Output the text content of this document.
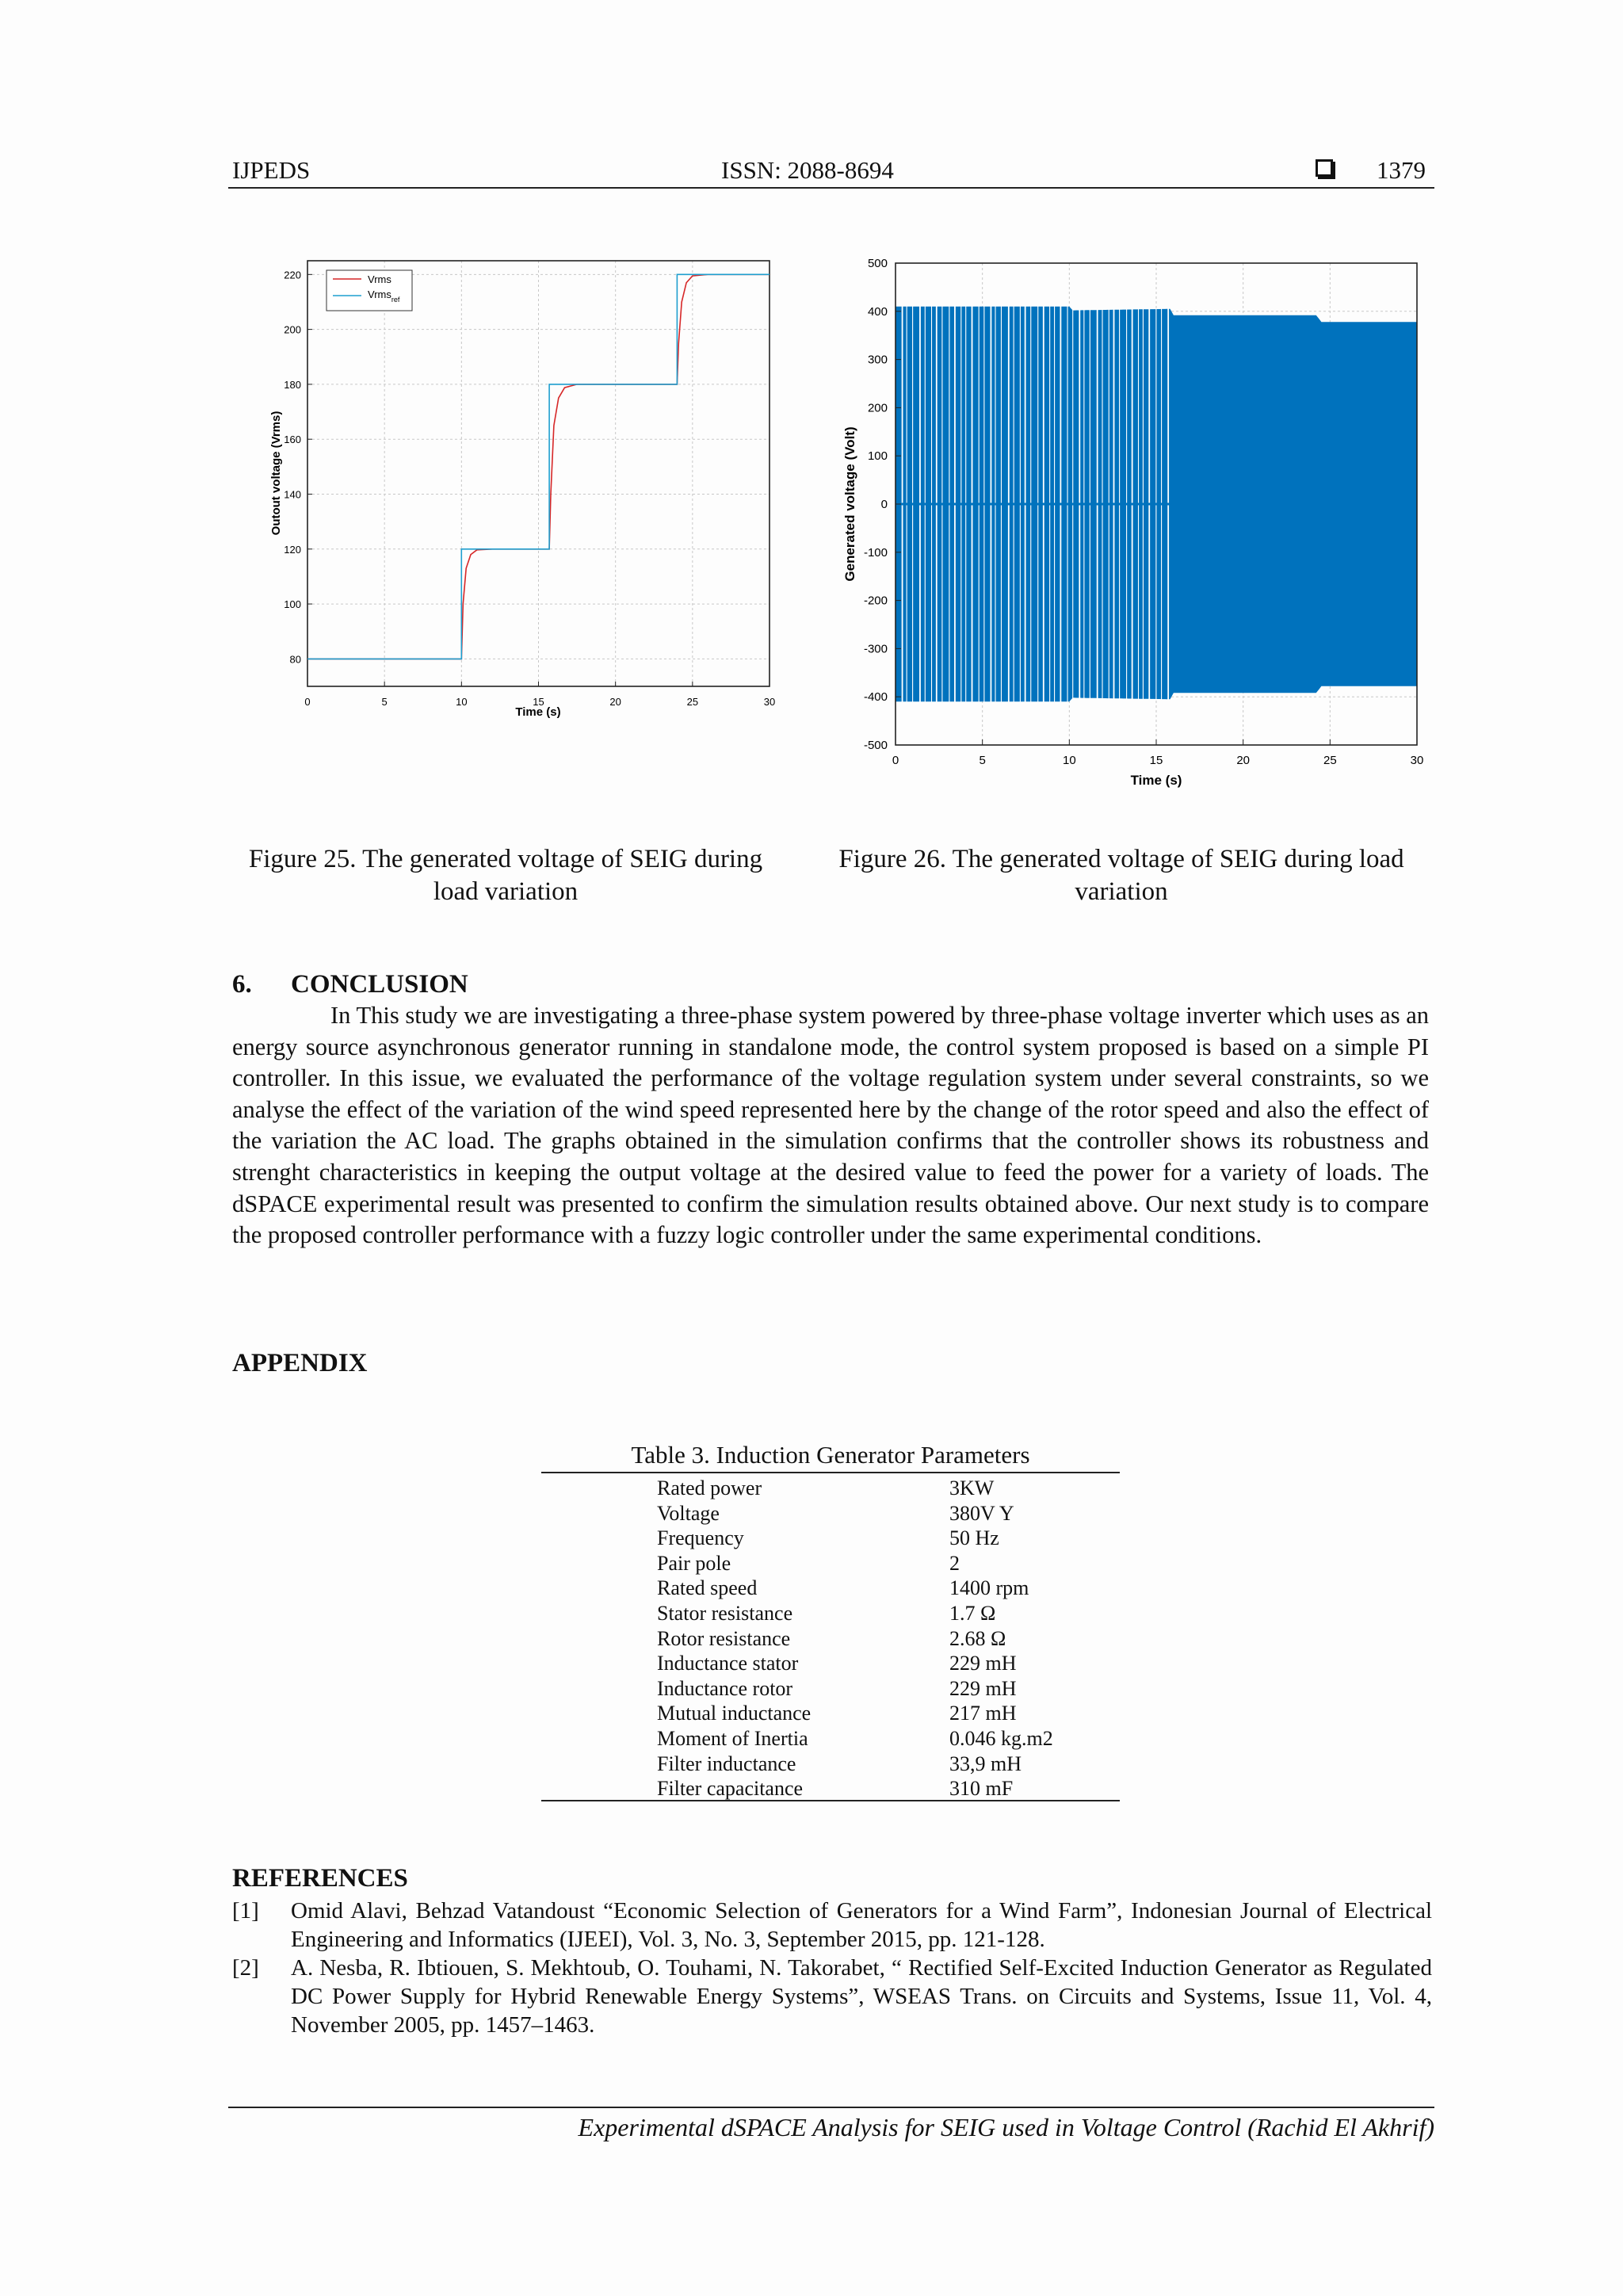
IJPEDS	ISSN: 2088-8694	1379
0	5	10	15	20	25	30
80
100
120
140
160
180
200
220	Vrms
Vrms$_{ref}$
Time (s)
Outout voltage (Vrms)
0	5	10	15	20	25	30
-500
-400
-300
-200
-100
0
100
200
300
400
500
Time (s)
Generated voltage (Volt)
Figure 25. The generated voltage of SEIG during
load variation
Figure 26. The generated voltage of SEIG during load
variation
6. CONCLUSION
In This study we are investigating a three-phase system powered by three-phase voltage inverter which uses as an energy source asynchronous generator running in standalone mode, the control system proposed is based on a simple PI controller. In this issue, we evaluated the performance of the voltage regulation system under several constraints, so we analyse the effect of the variation of the wind speed represented here by the change of the rotor speed and also the effect of the variation the AC load. The graphs obtained in the simulation confirms that the controller shows its robustness and strenght characteristics in keeping the output voltage at the desired value to feed the power for a variety of loads. The dSPACE experimental result was presented to confirm the simulation results obtained above. Our next study is to compare the proposed controller performance with a fuzzy logic controller under the same experimental conditions.
APPENDIX
Table 3. Induction Generator Parameters
Rated power	3KW
Voltage	380V Y
Frequency	50 Hz
Pair pole	2
Rated speed	1400 rpm
Stator resistance	1.7 Ω
Rotor resistance	2.68 Ω
Inductance stator	229 mH
Inductance rotor	229 mH
Mutual inductance	217 mH
Moment of Inertia	0.046 kg.m2
Filter inductance	33,9 mH
Filter capacitance	310 mF
REFERENCES
[1] Omid Alavi, Behzad Vatandoust “Economic Selection of Generators for a Wind Farm”, Indonesian Journal of Electrical Engineering and Informatics (IJEEI), Vol. 3, No. 3, September 2015, pp. 121-128.
[2] A. Nesba, R. Ibtiouen, S. Mekhtoub, O. Touhami, N. Takorabet, “ Rectified Self-Excited Induction Generator as Regulated DC Power Supply for Hybrid Renewable Energy Systems”, WSEAS Trans. on Circuits and Systems, Issue 11, Vol. 4, November 2005, pp. 1457–1463.
Experimental dSPACE Analysis for SEIG used in Voltage Control (Rachid El Akhrif)
